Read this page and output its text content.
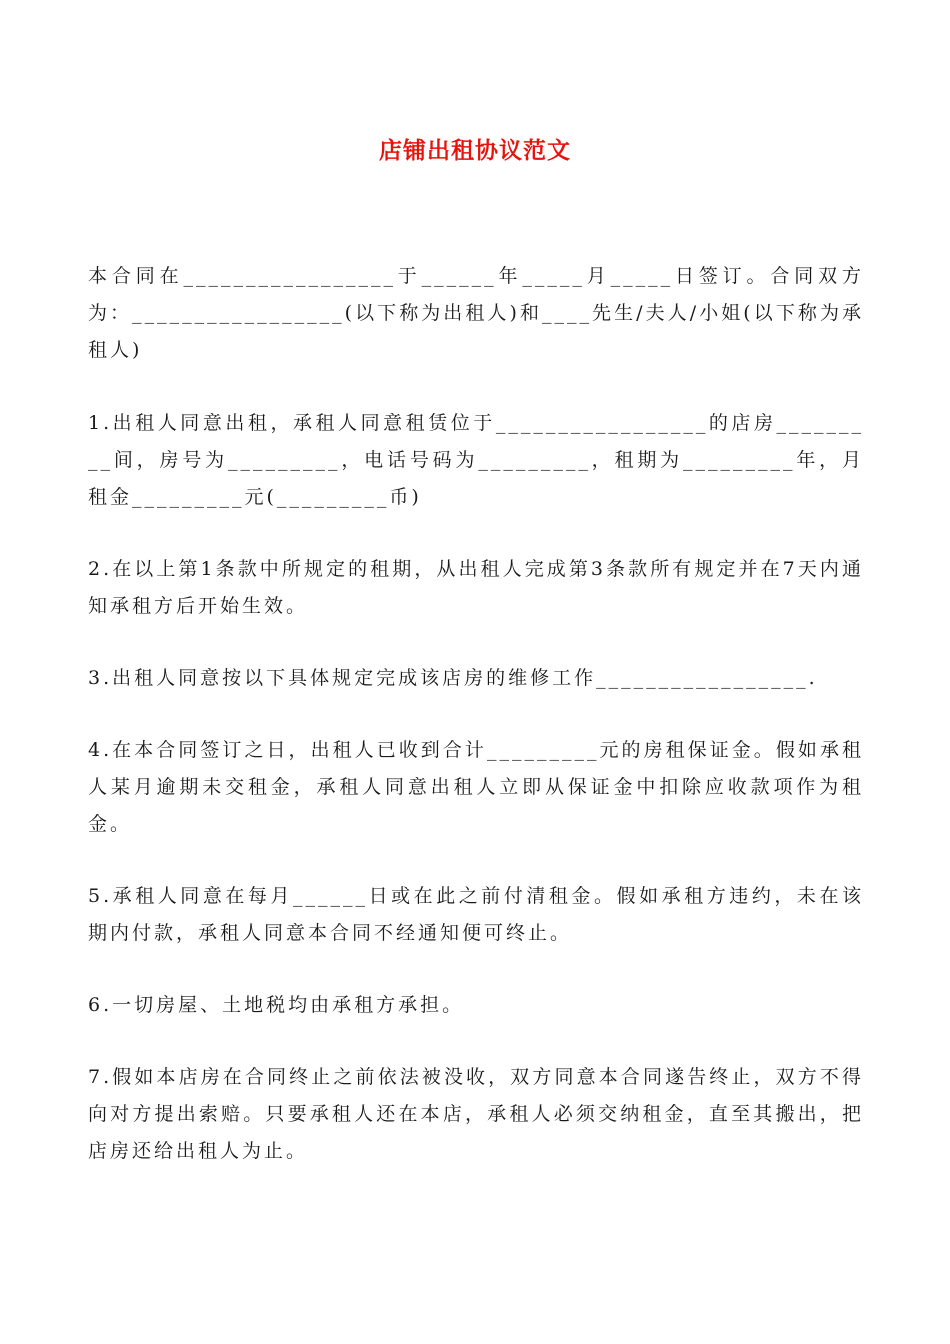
店铺出租协议范文

本合同在_________________于______年_____月_____日签订。合同双方为：_________________(以下称为出租人)和____先生/夫人/小姐(以下称为承租人)

1.出租人同意出租，承租人同意租赁位于_________________的店房_________间，房号为_________，电话号码为_________，租期为_________年，月租金_________元(_________币)

2.在以上第1条款中所规定的租期，从出租人完成第3条款所有规定并在7天内通知承租方后开始生效。

3.出租人同意按以下具体规定完成该店房的维修工作_________________.

4.在本合同签订之日，出租人已收到合计_________元的房租保证金。假如承租人某月逾期未交租金，承租人同意出租人立即从保证金中扣除应收款项作为租金。

5.承租人同意在每月______日或在此之前付清租金。假如承租方违约，未在该期内付款，承租人同意本合同不经通知便可终止。

6.一切房屋、土地税均由承租方承担。

7.假如本店房在合同终止之前依法被没收，双方同意本合同遂告终止，双方不得向对方提出索赔。只要承租人还在本店，承租人必须交纳租金，直至其搬出，把店房还给出租人为止。
